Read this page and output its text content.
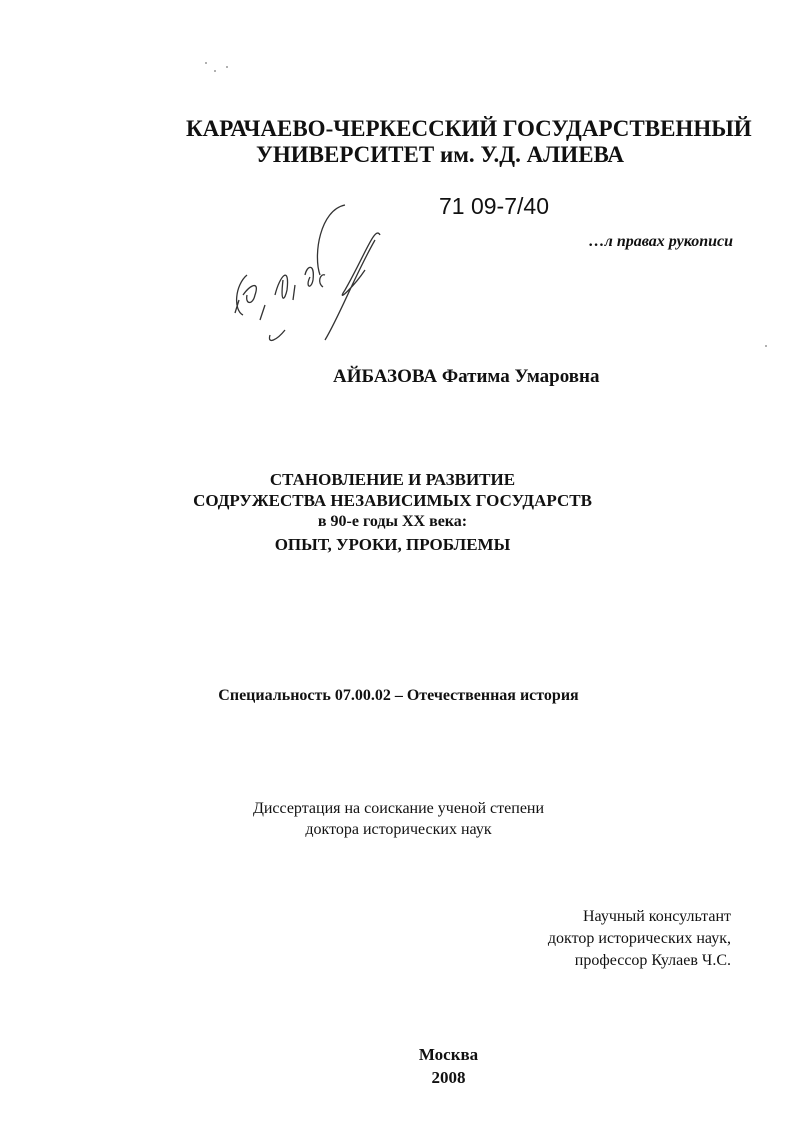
КАРАЧАЕВО-ЧЕРКЕССКИЙ ГОСУДАРСТВЕННЫЙ
УНИВЕРСИТЕТ им. У.Д. АЛИЕВА
71 09-7/40
…л правах рукописи
АЙБАЗОВА Фатима Умаровна
СТАНОВЛЕНИЕ И РАЗВИТИЕ
СОДРУЖЕСТВА НЕЗАВИСИМЫХ ГОСУДАРСТВ
в 90-е годы XX века:
ОПЫТ, УРОКИ, ПРОБЛЕМЫ
Специальность 07.00.02 – Отечественная история
Диссертация на соискание ученой степени
доктора исторических наук
Научный консультант
доктор исторических наук,
профессор Кулаев Ч.С.
Москва
2008
